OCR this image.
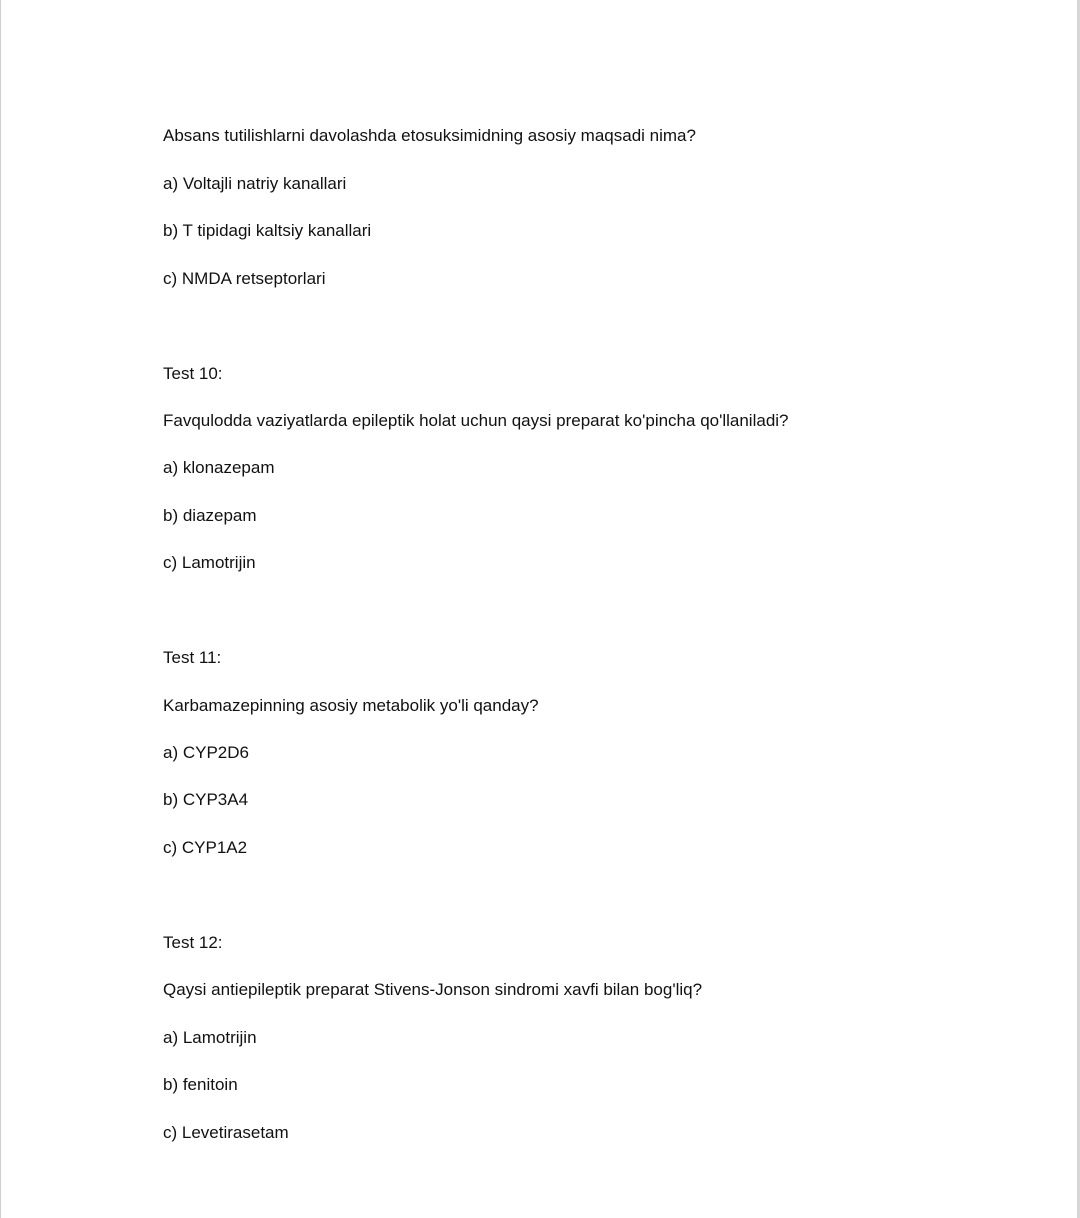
Absans tutilishlarni davolashda etosuksimidning asosiy maqsadi nima?

a) Voltajli natriy kanallari

b) T tipidagi kaltsiy kanallari

c) NMDA retseptorlari

Test 10:

Favqulodda vaziyatlarda epileptik holat uchun qaysi preparat ko'pincha qo'llaniladi?

a) klonazepam

b) diazepam

c) Lamotrijin

Test 11:

Karbamazepinning asosiy metabolik yo'li qanday?

a) CYP2D6

b) CYP3A4

c) CYP1A2

Test 12:

Qaysi antiepileptik preparat Stivens-Jonson sindromi xavfi bilan bog'liq?

a) Lamotrijin

b) fenitoin

c) Levetirasetam
